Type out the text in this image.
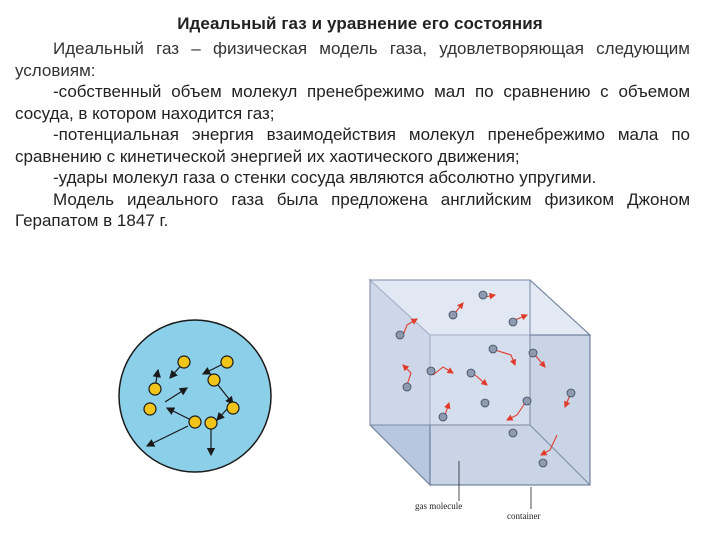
Идеальный газ и уравнение его состояния

Идеальный газ – физическая модель газа, удовлетворяющая следующим условиям:

-собственный объем молекул пренебрежимо мал по сравнению с объемом сосуда, в котором находится газ;

-потенциальная энергия взаимодействия молекул пренебрежимо мала по сравнению с кинетической энергией их хаотического движения;

-удары молекул газа о стенки сосуда являются абсолютно упругими.

Модель идеального газа была предложена английским физиком Джоном Герапатом в 1847 г.

gas molecule
container
